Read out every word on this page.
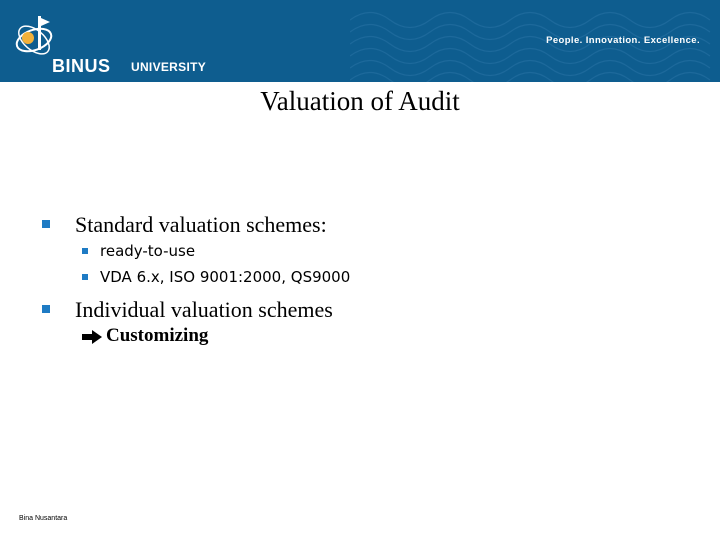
BINUS UNIVERSITY
People. Innovation. Excellence.
Valuation of Audit
Standard valuation schemes:
ready-to-use
VDA 6.x, ISO 9001:2000, QS9000
Individual valuation schemes
Customizing
Bina Nusantara
